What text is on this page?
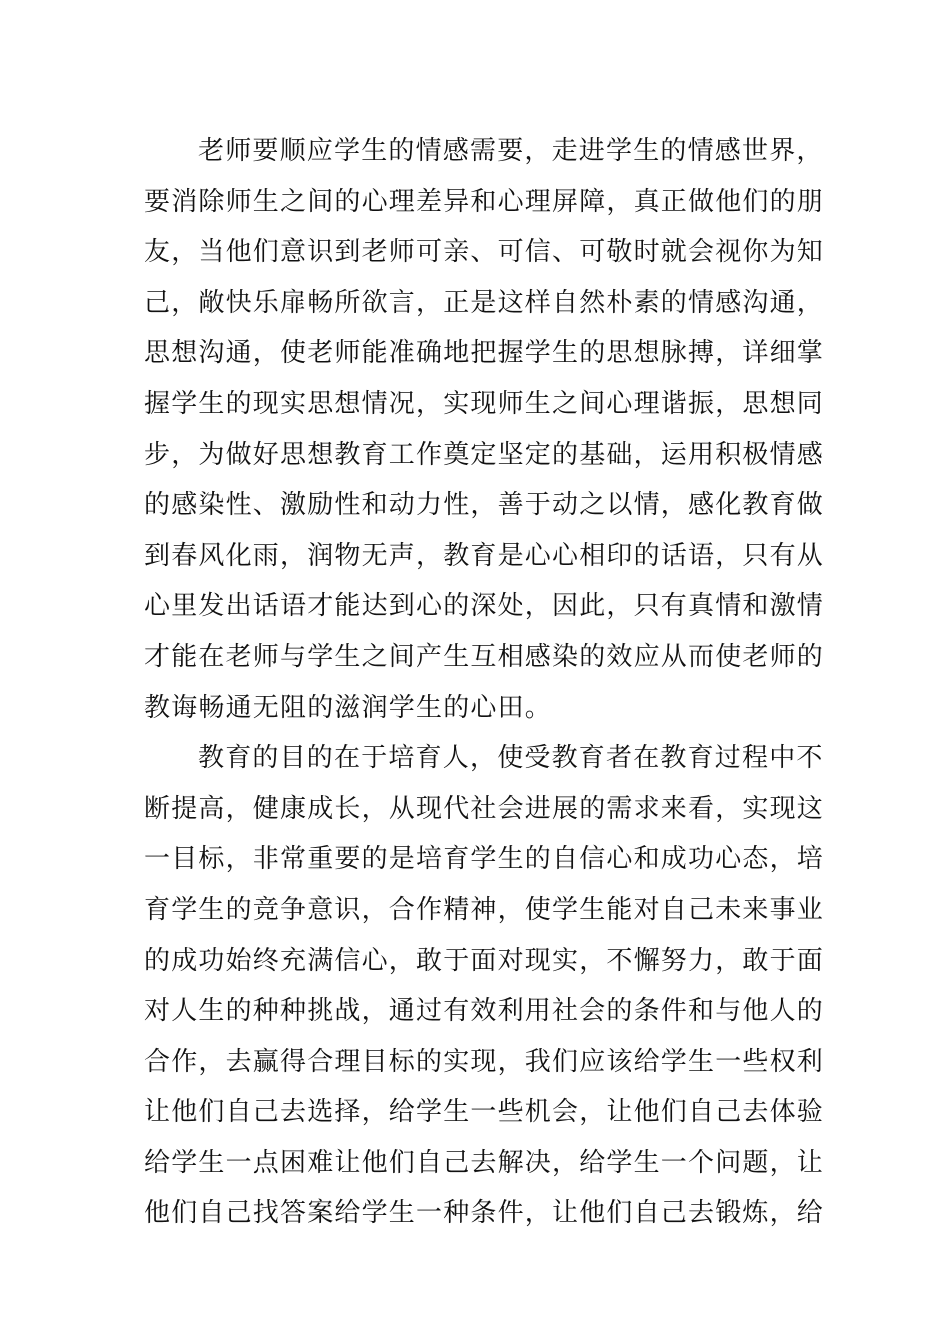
老师要顺应学生的情感需要，走进学生的情感世界，
要消除师生之间的心理差异和心理屏障，真正做他们的朋
友，当他们意识到老师可亲、可信、可敬时就会视你为知
己，敞快乐扉畅所欲言，正是这样自然朴素的情感沟通，
思想沟通，使老师能准确地把握学生的思想脉搏，详细掌
握学生的现实思想情况，实现师生之间心理谐振，思想同
步，为做好思想教育工作奠定坚定的基础，运用积极情感
的感染性、激励性和动力性，善于动之以情，感化教育做
到春风化雨，润物无声，教育是心心相印的话语，只有从
心里发出话语才能达到心的深处，因此，只有真情和激情
才能在老师与学生之间产生互相感染的效应从而使老师的
教诲畅通无阻的滋润学生的心田。
教育的目的在于培育人，使受教育者在教育过程中不
断提高，健康成长，从现代社会进展的需求来看，实现这
一目标，非常重要的是培育学生的自信心和成功心态，培
育学生的竞争意识，合作精神，使学生能对自己未来事业
的成功始终充满信心，敢于面对现实，不懈努力，敢于面
对人生的种种挑战，通过有效利用社会的条件和与他人的
合作，去赢得合理目标的实现，我们应该给学生一些权利
让他们自己去选择，给学生一些机会，让他们自己去体验
给学生一点困难让他们自己去解决，给学生一个问题，让
他们自己找答案给学生一种条件，让他们自己去锻炼，给
